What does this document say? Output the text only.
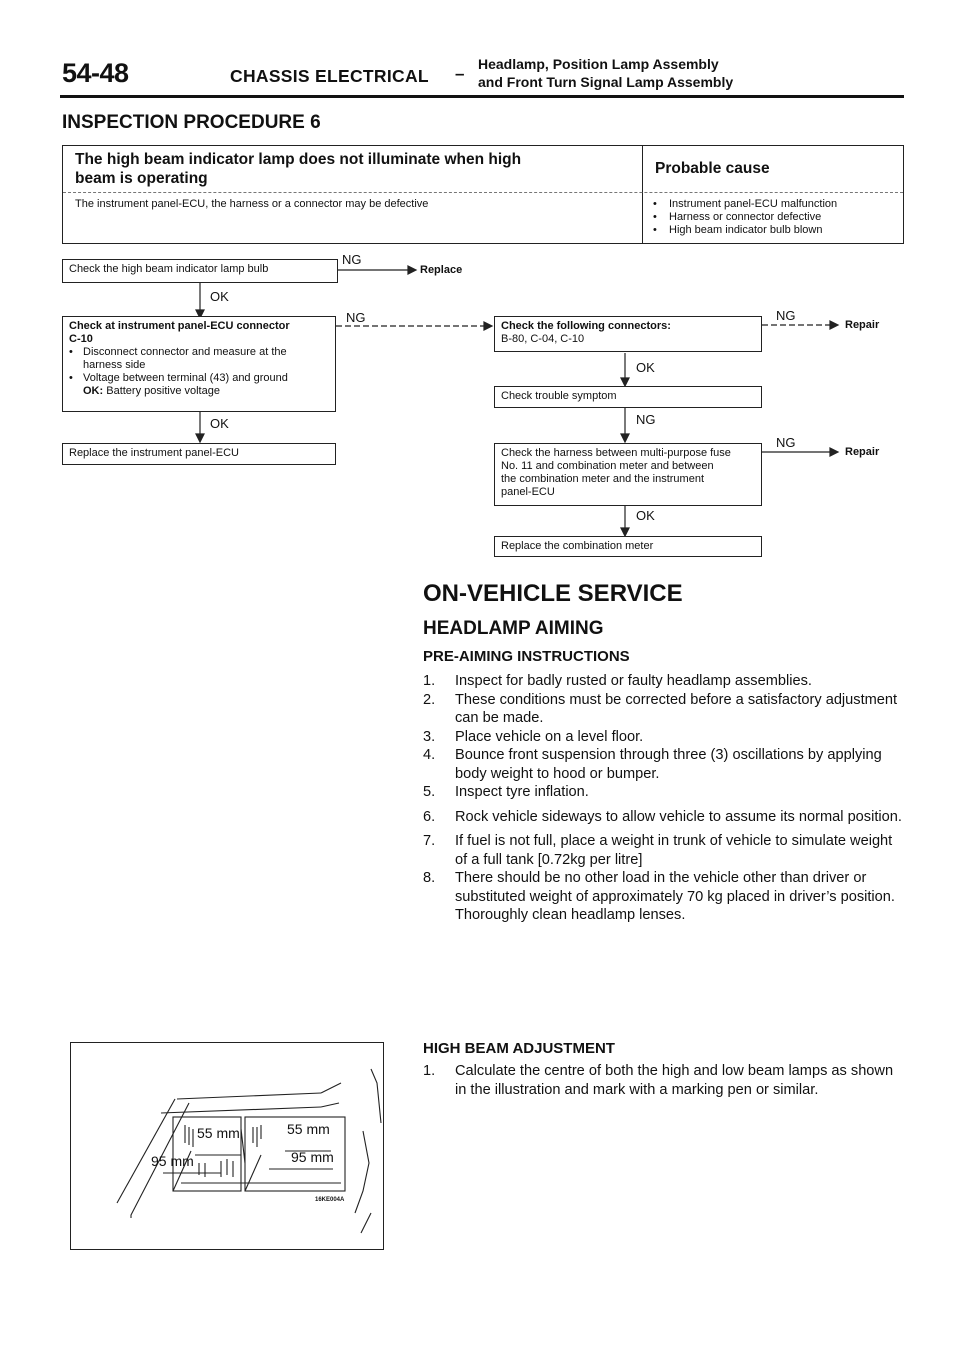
54-48	CHASSIS ELECTRICAL – Headlamp, Position Lamp Assembly
and Front Turn Signal Lamp Assembly
INSPECTION PROCEDURE 6
The high beam indicator lamp does not illuminate when high
beam is operating
Probable cause
The instrument panel-ECU, the harness or a connector may be defective	• Instrument panel-ECU malfunction
• Harness or connector defective
• High beam indicator bulb blown
Check the high beam indicator lamp bulb
NG
Replace
OK
Check at instrument panel-ECU connector
C-10
• Disconnect connector and measure at the
harness side
• Voltage between terminal (43) and ground
OK: Battery positive voltage
NG
OK
Replace the instrument panel-ECU
Check the following connectors:
B-80, C-04, C-10
NG
Repair
OK
Check trouble symptom
NG
Check the harness between multi-purpose fuse
No. 11 and combination meter and between
the combination meter and the instrument
panel-ECU
NG
Repair
OK
Replace the combination meter
ON-VEHICLE SERVICE
HEADLAMP AIMING
PRE-AIMING INSTRUCTIONS
1. Inspect for badly rusted or faulty headlamp assemblies.
2. These conditions must be corrected before a satisfactory adjustment can be made.
3. Place vehicle on a level floor.
4. Bounce front suspension through three (3) oscillations by applying body weight to hood or bumper.
5. Inspect tyre inflation.
6. Rock vehicle sideways to allow vehicle to assume its normal position.
7. If fuel is not full, place a weight in trunk of vehicle to simulate weight of a full tank [0.72kg per litre]
8. There should be no other load in the vehicle other than driver or substituted weight of approximately 70 kg placed in driver’s position.
Thoroughly clean headlamp lenses.
HIGH BEAM ADJUSTMENT
1. Calculate the centre of both the high and low beam lamps as shown in the illustration and mark with a marking pen or similar.
55 mm	55 mm
95 mm	95 mm
16KE004A
